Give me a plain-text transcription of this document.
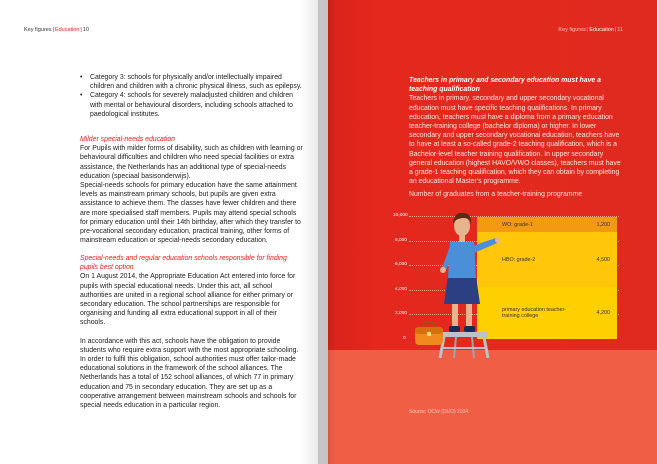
Key figures|Education|10	Key figures|Education|11

• Category 3: schools for physically and/or intellectually impaired children and children with a chronic physical illness, such as epilepsy.

• Category 4: schools for severely maladjusted children and children with mental or behavioural disorders, including schools attached to paedological institutes.

Milder special-needs education

For Pupils with milder forms of disability, such as children with learning or behavioural difficulties and children who need special facilities or extra assistance, the Netherlands has an additional type of special-needs education (speciaal basisonderwijs).

Special-needs schools for primary education have the same attainment levels as mainstream primary schools, but pupils are given extra assistance to achieve them. The classes have fewer children and there are more specialised staff members. Pupils may attend special schools for primary education until their 14th birthday, after which they transfer to pre-vocational secondary education, practical training, other forms of mainstream education or special-needs secondary education.

Special-needs and regular education schools responsible for finding pupils best option

On 1 August 2014, the Appropriate Education Act entered into force for pupils with special educational needs. Under this act, all school authorities are united in a regional school alliance for either primary or secondary education. The school partnerships are responsible for organising and funding all extra educational support in all of their schools.

In accordance with this act, schools have the obligation to provide students who require extra support with the most appropriate schooling. In order to fulfil this obligation, school authorities must offer tailor-made educational solutions in the framework of the school alliances. The Netherlands has a total of 152 school alliances, of which 77 in primary education and 75 in secondary education. They are set up as a cooperative arrangement between mainstream schools and schools for special needs education in a particular region.

Teachers in primary and secondary education must have a teaching qualification
Teachers in primary, secondary and upper secondary vocational education must have specific teaching qualifications. In primary education, teachers must have a diploma from a primary education teacher-training college (bachelor diploma) or higher. In lower secondary and upper secondary vocational education, teachers have to have at least a so-called grade-2 teaching qualification, which is a Bachelor-level teacher training qualification. In upper secondary general education (highest HAVO/VWO classes), teachers must have a grade-1 teaching qualification, which they can obtain by completing an educational Master's programme.
Number of graduates from a teacher-training programme
10,000
8,000
6,000
4,000
2,000
0
primary education teacher-training college
HBO: grade-2
WO: grade-1
4,200
4,500
1,200
Source: OCW (DUO) 2014
